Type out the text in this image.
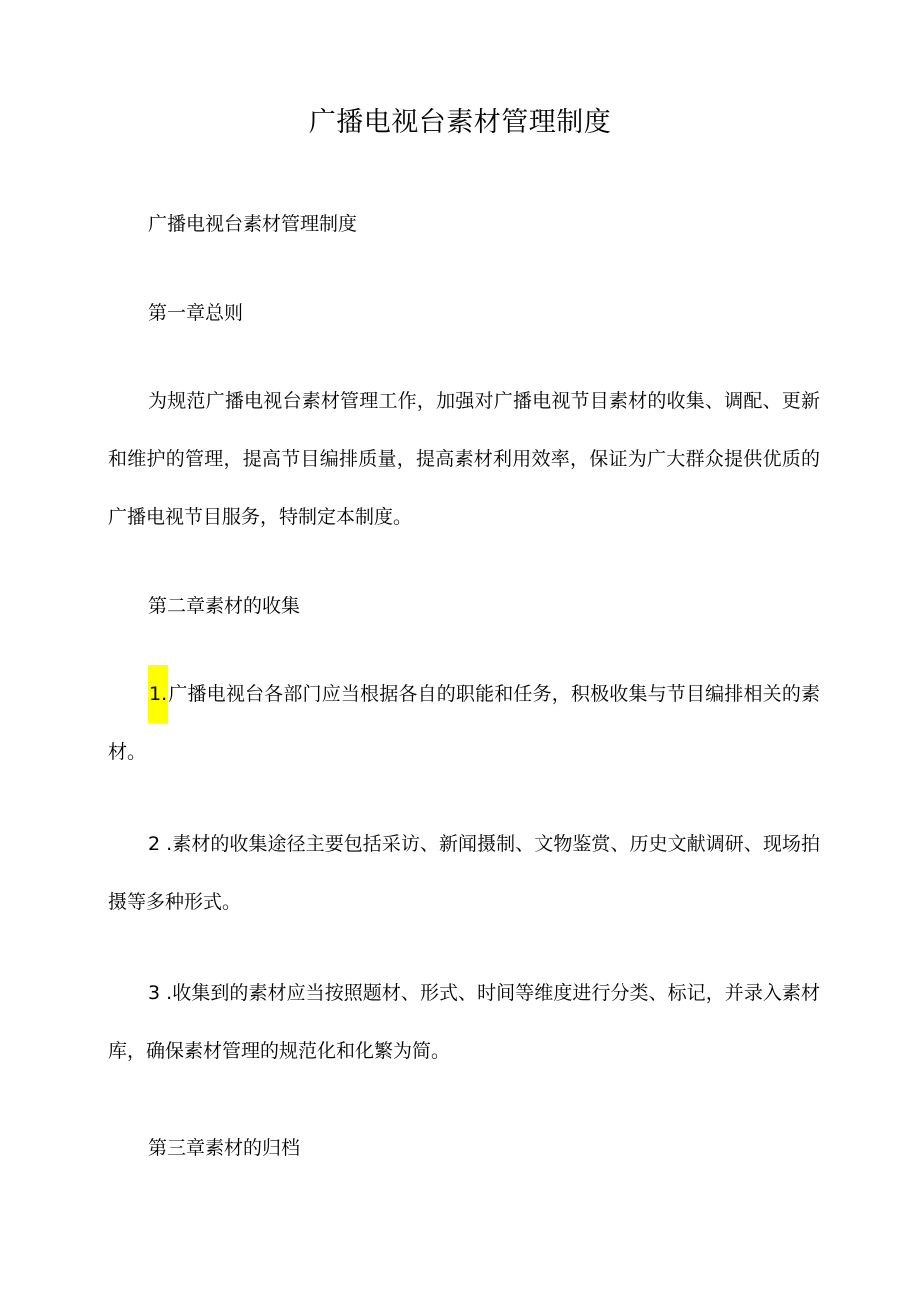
广播电视台素材管理制度

广播电视台素材管理制度

第一章总则

为规范广播电视台素材管理工作，加强对广播电视节目素材的收集、调配、更新和维护的管理，提高节目编排质量，提高素材利用效率，保证为广大群众提供优质的广播电视节目服务，特制定本制度。

第二章素材的收集

1.广播电视台各部门应当根据各自的职能和任务，积极收集与节目编排相关的素材。

2 .素材的收集途径主要包括采访、新闻摄制、文物鉴赏、历史文献调研、现场拍摄等多种形式。

3 .收集到的素材应当按照题材、形式、时间等维度进行分类、标记，并录入素材库，确保素材管理的规范化和化繁为简。

第三章素材的归档
